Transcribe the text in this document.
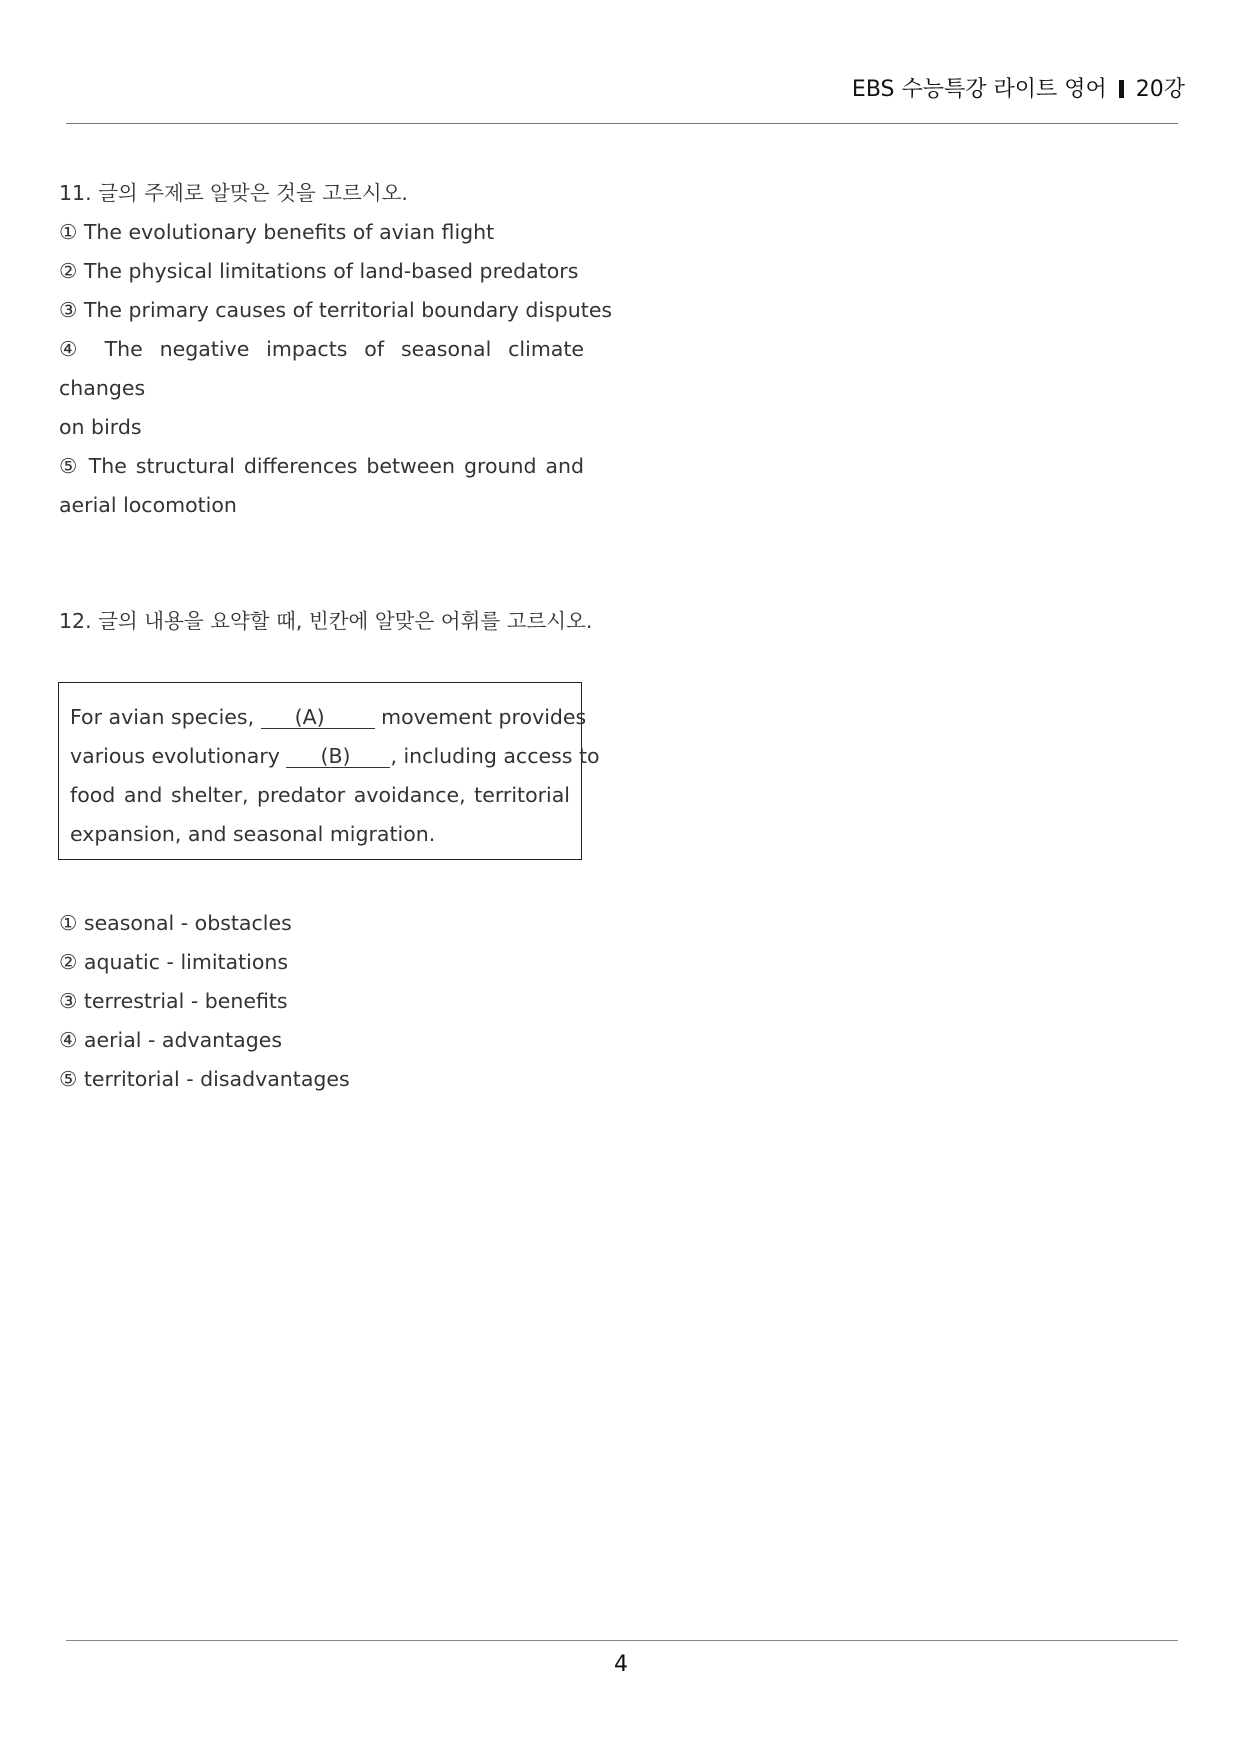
EBS 수능특강 라이트 영어 20강
11. 글의 주제로 알맞은 것을 고르시오.
① The evolutionary benefits of avian flight
② The physical limitations of land-based predators
③ The primary causes of territorial boundary disputes
④ The negative impacts of seasonal climate changes
on birds
⑤ The structural differences between ground and
aerial locomotion
12. 글의 내용을 요약할 때, 빈칸에 알맞은 어휘를 고르시오.
For avian species, (A)	movement provides
various evolutionary (B) , including access to
food and shelter, predator avoidance, territorial
expansion, and seasonal migration.
① seasonal - obstacles
② aquatic - limitations
③ terrestrial - benefits
④ aerial - advantages
⑤ territorial - disadvantages
4
